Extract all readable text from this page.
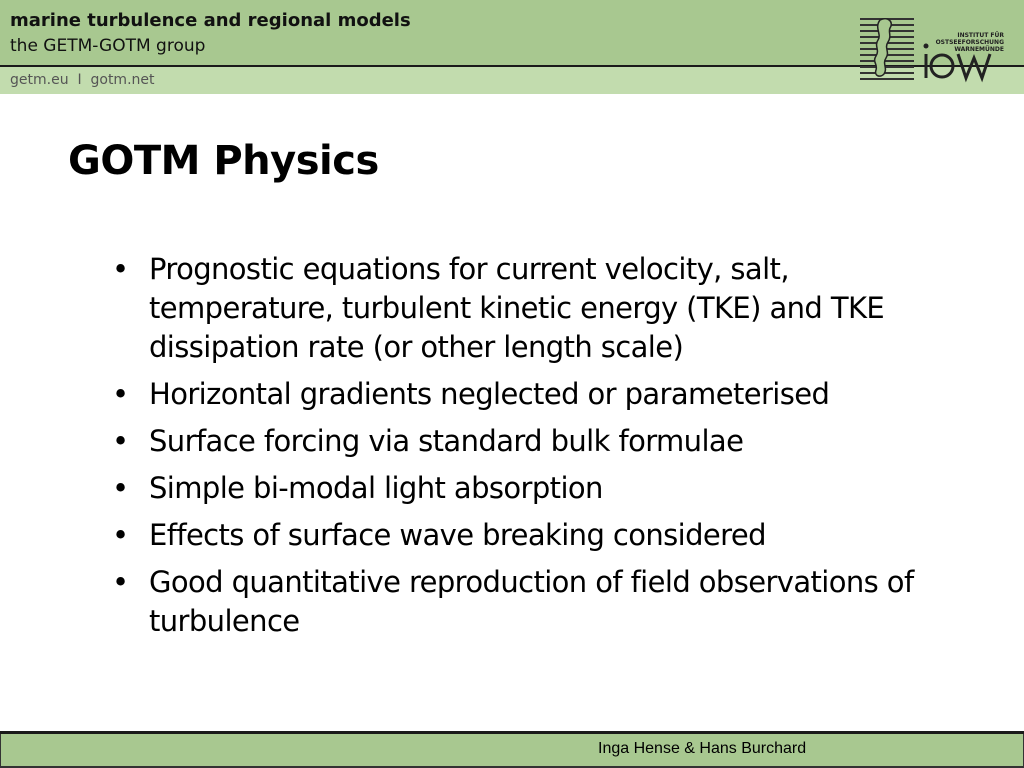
marine turbulence and regional models
the GETM-GOTM group
getm.eu  I  gotm.net
INSTITUT FÜR
OSTSEEFORSCHUNG
WARNEMÜNDE
GOTM Physics
• Prognostic equations for current velocity, salt, temperature, turbulent kinetic energy (TKE) and TKE dissipation rate (or other length scale)
• Horizontal gradients neglected or parameterised
• Surface forcing via standard bulk formulae
• Simple bi-modal light absorption
• Effects of surface wave breaking considered
• Good quantitative reproduction of field observations of turbulence
Inga Hense & Hans Burchard
